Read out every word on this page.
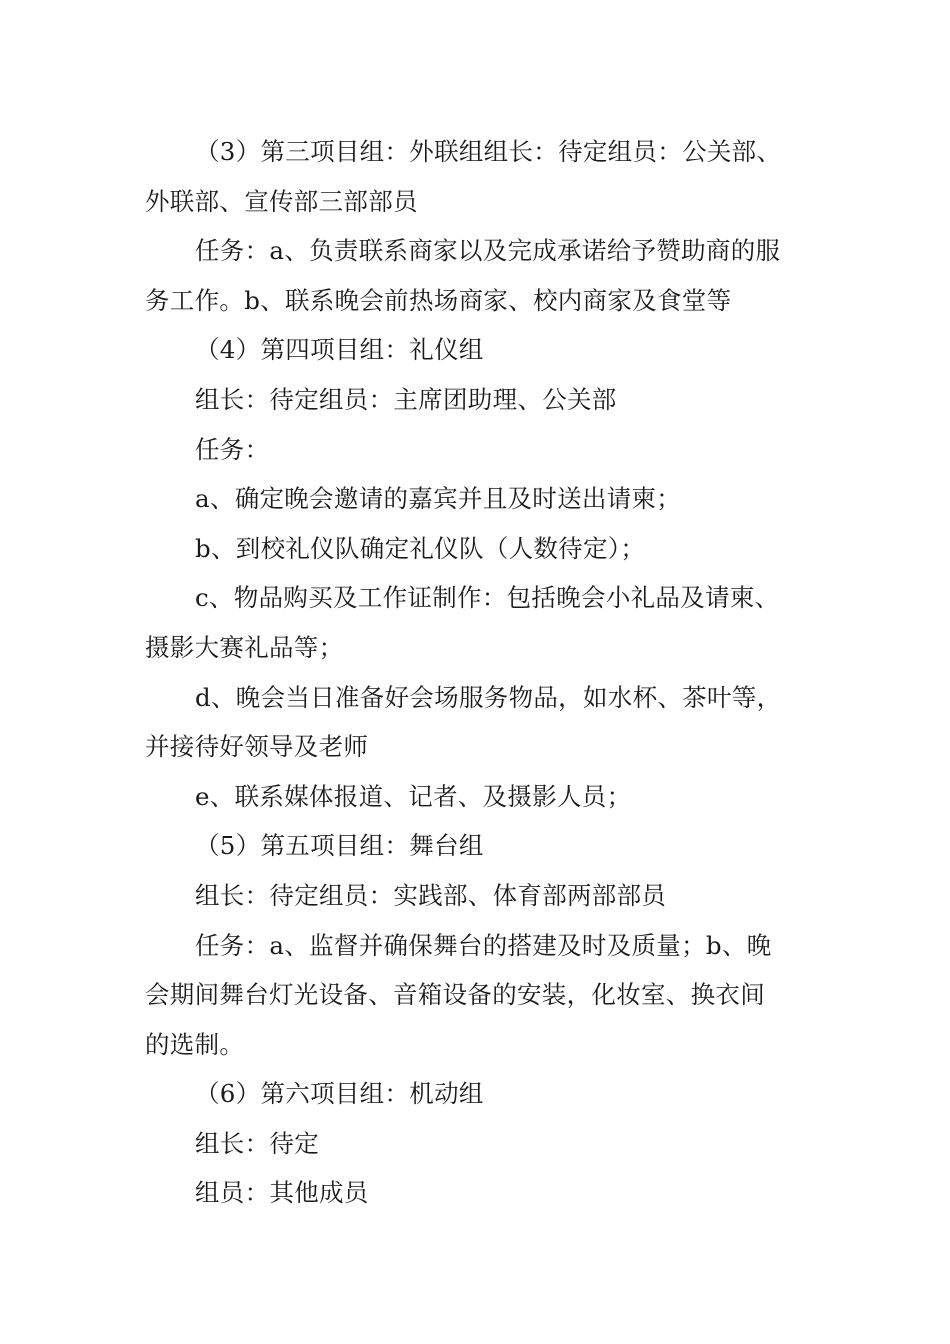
（3）第三项目组：外联组组长：待定组员：公关部、
外联部、宣传部三部部员
任务：a、负责联系商家以及完成承诺给予赞助商的服
务工作。b、联系晚会前热场商家、校内商家及食堂等
（4）第四项目组：礼仪组
组长：待定组员：主席团助理、公关部
任务：
a、确定晚会邀请的嘉宾并且及时送出请柬；
b、到校礼仪队确定礼仪队（人数待定）；
c、物品购买及工作证制作：包括晚会小礼品及请柬、
摄影大赛礼品等；
d、晚会当日准备好会场服务物品，如水杯、茶叶等，
并接待好领导及老师
e、联系媒体报道、记者、及摄影人员；
（5）第五项目组：舞台组
组长：待定组员：实践部、体育部两部部员
任务：a、监督并确保舞台的搭建及时及质量；b、晚
会期间舞台灯光设备、音箱设备的安装，化妆室、换衣间
的选制。
（6）第六项目组：机动组
组长：待定
组员：其他成员
